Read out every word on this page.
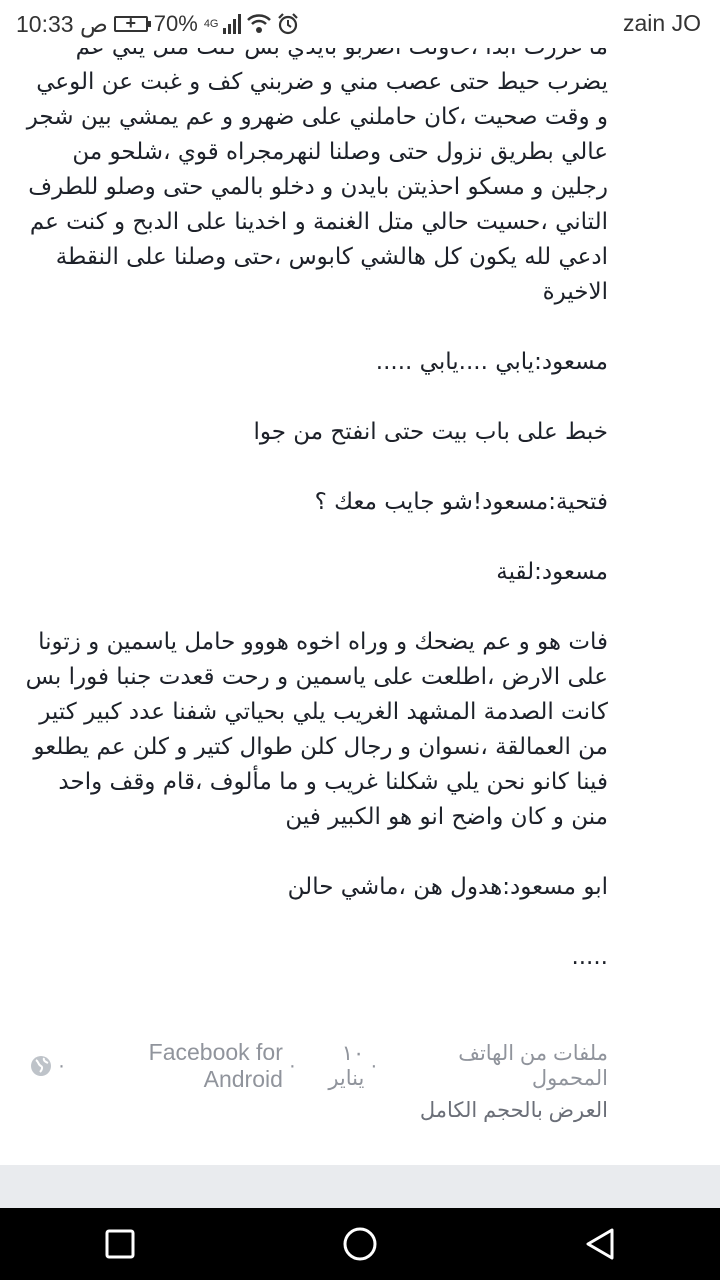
يضرب حيط حتى عصب مني و ضربني كف و غبت عن الوعي و وقت صحيت ،كان حاملني على ضهرو و عم يمشي بين شجر عالي بطريق نزول حتى وصلنا لنهرمجراه قوي ،شلحو من رجلين و مسكو احذيتن بايدن و دخلو بالمي حتى وصلو للطرف التاني ،حسيت حالي متل الغنمة و اخدينا على الدبح و كنت عم ادعي لله يكون كل هالشي كابوس ،حتى وصلنا على النقطة الاخيرة

مسعود:يابي ....يابي .....

خبط على باب بيت حتى انفتح من جوا

فتحية:مسعود!شو جايب معك ؟

مسعود:لقية

فات هو و عم يضحك و وراه اخوه هووو حامل ياسمين و زتونا على الارض ،اطلعت على ياسمين و رحت قعدت جنبا فورا بس كانت الصدمة المشهد الغريب يلي بحياتي شفنا عدد كبير كتير من العمالقة ،نسوان و رجال كلن طوال كتير و كلن عم يطلعو فينا كانو نحن يلي شكلنا غريب و ما مألوف ،قام وقف واحد منن و كان واضح انو هو الكبير فين

ابو مسعود:هدول هن ،ماشي حالن

.....

ملفات من الهاتف المحمول
·
١٠ يناير
·
Facebook for Android
·
العرض بالحجم الكامل
10:33 ص + 70% 4G	zain JO
